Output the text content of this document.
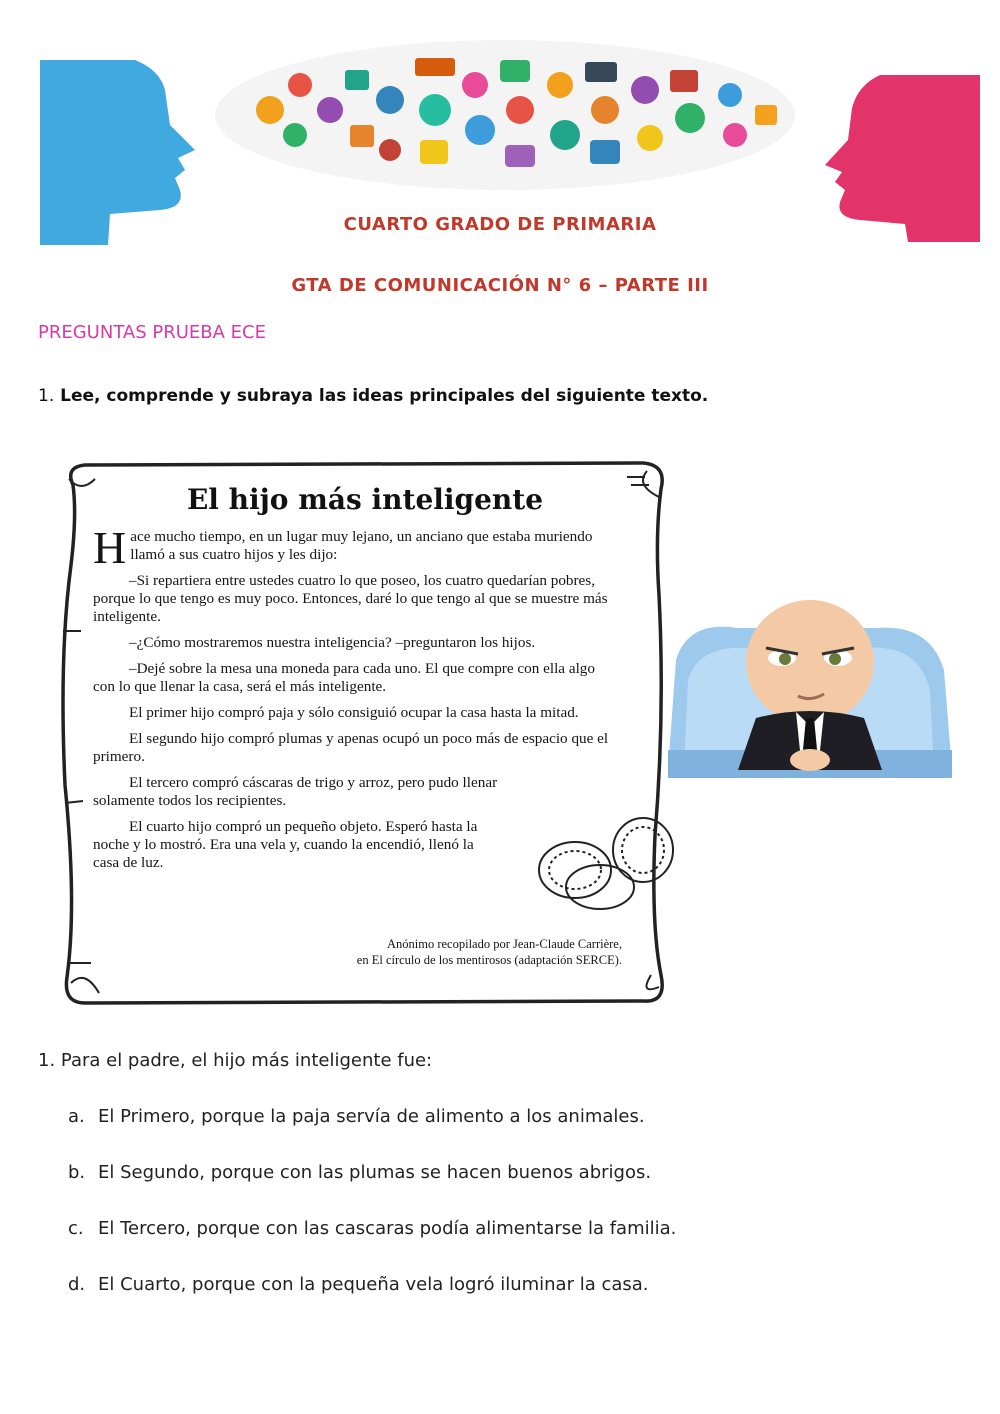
CUARTO GRADO DE PRIMARIA
GTA DE COMUNICACIÓN N° 6 – PARTE III
PREGUNTAS PRUEBA ECE
1. Lee, comprende y subraya las ideas principales del siguiente texto.
El hijo más inteligente

Hace mucho tiempo, en un lugar muy lejano, un anciano que estaba muriendo llamó a sus cuatro hijos y les dijo:

–Si repartiera entre ustedes cuatro lo que poseo, los cuatro quedarían pobres, porque lo que tengo es muy poco. Entonces, daré lo que tengo al que se muestre más inteligente.

–¿Cómo mostraremos nuestra inteligencia? –preguntaron los hijos.

–Dejé sobre la mesa una moneda para cada uno. El que compre con ella algo con lo que llenar la casa, será el más inteligente.

El primer hijo compró paja y sólo consiguió ocupar la casa hasta la mitad.

El segundo hijo compró plumas y apenas ocupó un poco más de espacio que el primero.

El tercero compró cáscaras de trigo y arroz, pero pudo llenar solamente todos los recipientes.

El cuarto hijo compró un pequeño objeto. Esperó hasta la noche y lo mostró. Era una vela y, cuando la encendió, llenó la casa de luz.

Anónimo recopilado por Jean-Claude Carrière,
en El círculo de los mentirosos (adaptación SERCE).
1. Para el padre, el hijo más inteligente fue:
a. El Primero, porque la paja servía de alimento a los animales.
b. El Segundo, porque con las plumas se hacen buenos abrigos.
c. El Tercero, porque con las cascaras podía alimentarse la familia.
d. El Cuarto, porque con la pequeña vela logró iluminar la casa.
